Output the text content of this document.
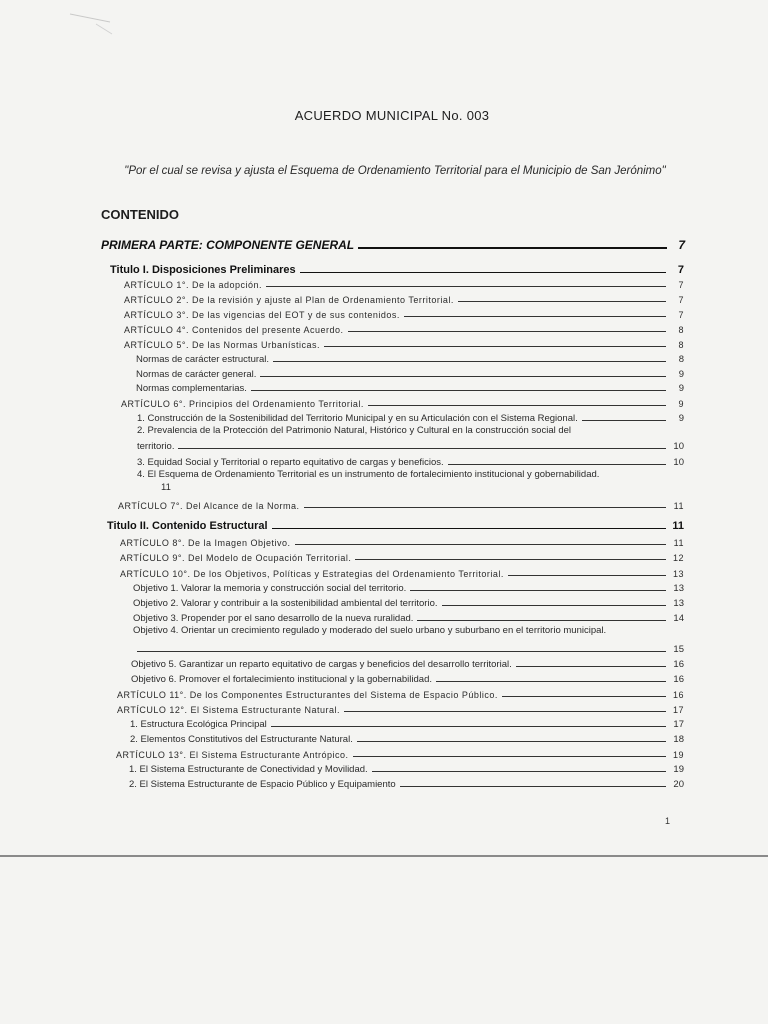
ACUERDO MUNICIPAL No. 003
"Por el cual se revisa y ajusta el Esquema de Ordenamiento Territorial para el Municipio de San Jerónimo"
CONTENIDO
PRIMERA PARTE: COMPONENTE GENERAL	7
Titulo I. Disposiciones Preliminares	7
ARTÍCULO 1°. De la adopción.	7
ARTÍCULO 2°. De la revisión y ajuste al Plan de Ordenamiento Territorial.	7
ARTÍCULO 3°. De las vigencias del EOT y de sus contenidos.	7
ARTÍCULO 4°. Contenidos del presente Acuerdo.	8
ARTÍCULO 5°. De las Normas Urbanísticas.	8
Normas de carácter estructural.	8
Normas de carácter general.	9
Normas complementarias.	9
ARTÍCULO 6°. Principios del Ordenamiento Territorial.	9
1. Construcción de la Sostenibilidad del Territorio Municipal y en su Articulación con el Sistema Regional.	9
2. Prevalencia de la Protección del Patrimonio Natural, Histórico y Cultural en la construcción social del
territorio.	10
3. Equidad Social y Territorial o reparto equitativo de cargas y beneficios.	10
4. El Esquema de Ordenamiento Territorial es un instrumento de fortalecimiento institucional y gobernabilidad.
11
ARTÍCULO 7°. Del Alcance de la Norma.	11
Titulo II. Contenido Estructural	11
ARTÍCULO 8°. De la Imagen Objetivo.	11
ARTÍCULO 9°. Del Modelo de Ocupación Territorial.	12
ARTÍCULO 10°. De los Objetivos, Políticas y Estrategias del Ordenamiento Territorial.	13
Objetivo 1. Valorar la memoria y construcción social del territorio.	13
Objetivo 2. Valorar y contribuir a la sostenibilidad ambiental del territorio.	13
Objetivo 3. Propender por el sano desarrollo de la nueva ruralidad.	14
Objetivo 4. Orientar un crecimiento regulado y moderado del suelo urbano y suburbano en el territorio municipal.
15
Objetivo 5. Garantizar un reparto equitativo de cargas y beneficios del desarrollo territorial.	16
Objetivo 6. Promover el fortalecimiento institucional y la gobernabilidad.	16
ARTÍCULO 11°. De los Componentes Estructurantes del Sistema de Espacio Público.	16
ARTÍCULO 12°. El Sistema Estructurante Natural.	17
1. Estructura Ecológica Principal	17
2. Elementos Constitutivos del Estructurante Natural.	18
ARTÍCULO 13°. El Sistema Estructurante Antrópico.	19
1. El Sistema Estructurante de Conectividad y Movilidad.	19
2. El Sistema Estructurante de Espacio Público y Equipamiento	20
1
